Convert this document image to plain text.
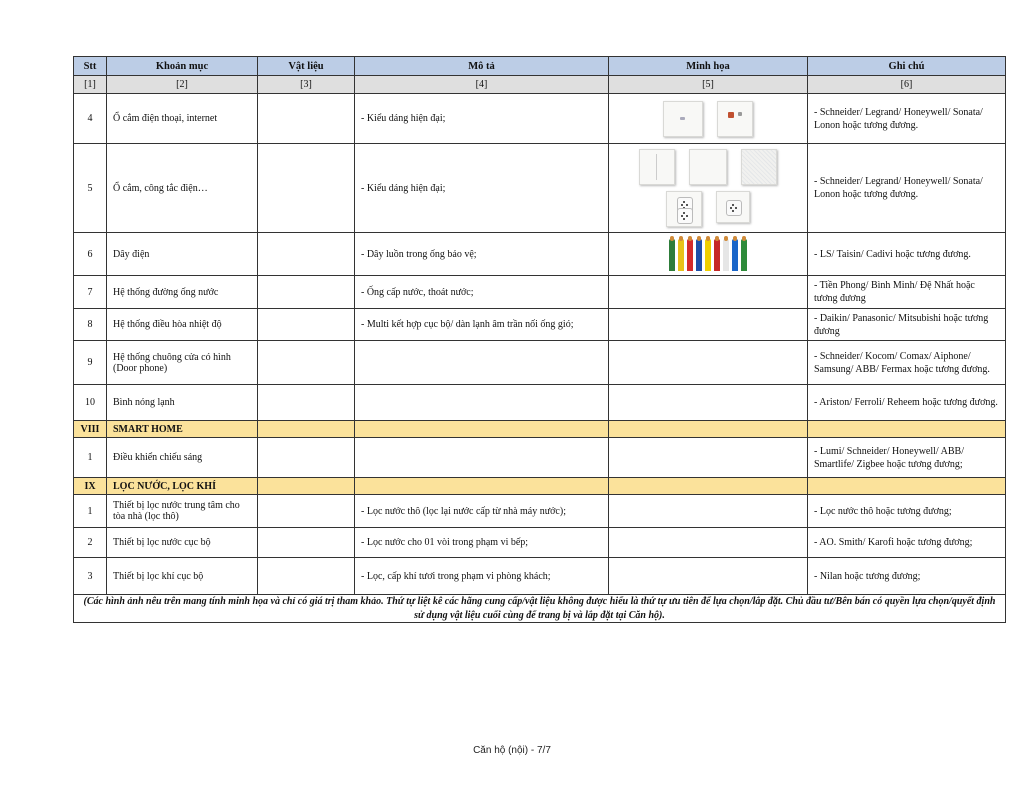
Stt	Khoản mục	Vật liệu	Mô tả	Minh họa	Ghi chú
[1]	[2]	[3]	[4]	[5]	[6]
4	Ổ cắm điện thoại, internet		- Kiểu dáng hiện đại;		- Schneider/ Legrand/ Honeywell/ Sonata/ Lonon hoặc tương đương.
5	Ổ cắm, công tắc điện…		- Kiểu dáng hiện đại;		- Schneider/ Legrand/ Honeywell/ Sonata/ Lonon hoặc tương đương.
6	Dây điện		- Dây luồn trong ống bảo vệ;		- LS/ Taisin/ Cadivi hoặc tương đương.
7	Hệ thống đường ống nước		- Ống cấp nước, thoát nước;		- Tiền Phong/ Bình Minh/ Đệ Nhất hoặc tương đương
8	Hệ thống điều hòa nhiệt độ		- Multi kết hợp cục bộ/ dàn lạnh âm trần nối ống gió;		- Daikin/ Panasonic/ Mitsubishi hoặc tương đương
9	Hệ thống chuông cửa có hình (Door phone)				- Schneider/ Kocom/ Comax/ Aiphone/ Samsung/ ABB/ Fermax hoặc tương đương.
10	Bình nóng lạnh				- Ariston/ Ferroli/ Reheem hoặc tương đương.
VIII	SMART HOME				
1	Điều khiển chiếu sáng				- Lumi/ Schneider/ Honeywell/ ABB/ Smartlife/ Zigbee hoặc tương đương;
IX	LỌC NƯỚC, LỌC KHÍ				
1	Thiết bị lọc nước trung tâm cho tòa nhà (lọc thô)		- Lọc nước thô (lọc lại nước cấp từ nhà máy nước);		- Lọc nước thô hoặc tương đương;
2	Thiết bị lọc nước cục bộ		- Lọc nước cho 01 vòi trong phạm vi bếp;		- AO. Smith/ Karofi hoặc tương đương;
3	Thiết bị lọc khí cục bộ		- Lọc, cấp khí tươi trong phạm vi phòng khách;		- Nilan hoặc tương đương;
(Các hình ảnh nêu trên mang tính minh họa và chỉ có giá trị tham khảo. Thứ tự liệt kê các hãng cung cấp/vật liệu không được hiểu là thứ tự ưu tiên để lựa chọn/lắp đặt. Chủ đầu tư/Bên bán có quyền lựa chọn/quyết định sử dụng vật liệu cuối cùng để trang bị và lắp đặt tại Căn hộ).					
Căn hộ (nội) - 7/7
